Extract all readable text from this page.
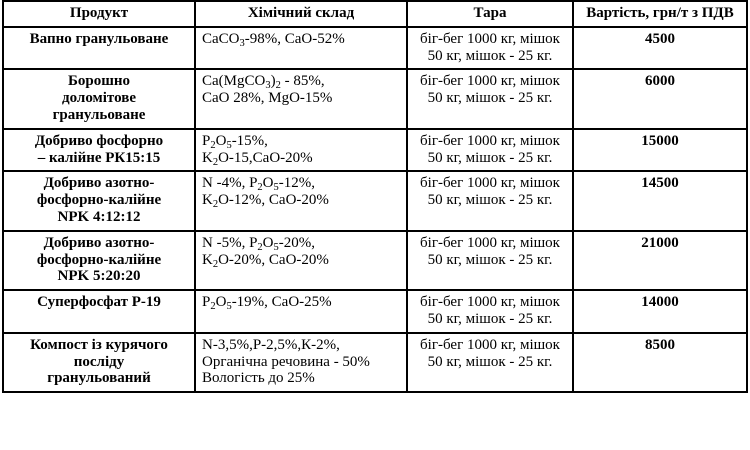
Продукт	Хімічний склад	Тара	Вартість, грн/т з ПДВ

Вапно гранульоване	CaCO$_3$-98%, CaO-52%	біг-бег 1000 кг, мішок
50 кг, мішок - 25 кг.	4500

Борошно
доломітове
гранульоване	$Ca(MgCO_3)_2 - 85\%$,
CaO 28%, MgO-15%	біг-бег 1000 кг, мішок
50 кг, мішок - 25 кг.	6000

Добриво фосфорно
– калійне РК15:15	$P_2O_5-15\%$,
$K_2O-15,CaO-20\%$	біг-бег 1000 кг, мішок
50 кг, мішок - 25 кг.	15000

Добриво азотно-
фосфорно-калійне
NPK 4:12:12	N -4%, $P_2O_5-12\%$,
$K_2O-12\%$, CaO-20%	біг-бег 1000 кг, мішок
50 кг, мішок - 25 кг.	14500

Добриво азотно-
фосфорно-калійне
NPK 5:20:20	N -5%, $P_2O_5-20\%$,
$K_2O-20\%$, CaO-20%	біг-бег 1000 кг, мішок
50 кг, мішок - 25 кг.	21000

Суперфосфат Р-19	$P_2O_5-19\%$, CaO-25%	біг-бег 1000 кг, мішок
50 кг, мішок - 25 кг.	14000

Компост із курячого
посліду
гранульований	N-3,5%,Р-2,5%,К-2%,
Органічна речовина - 50%
Вологість до 25%	біг-бег 1000 кг, мішок
50 кг, мішок - 25 кг.	8500
